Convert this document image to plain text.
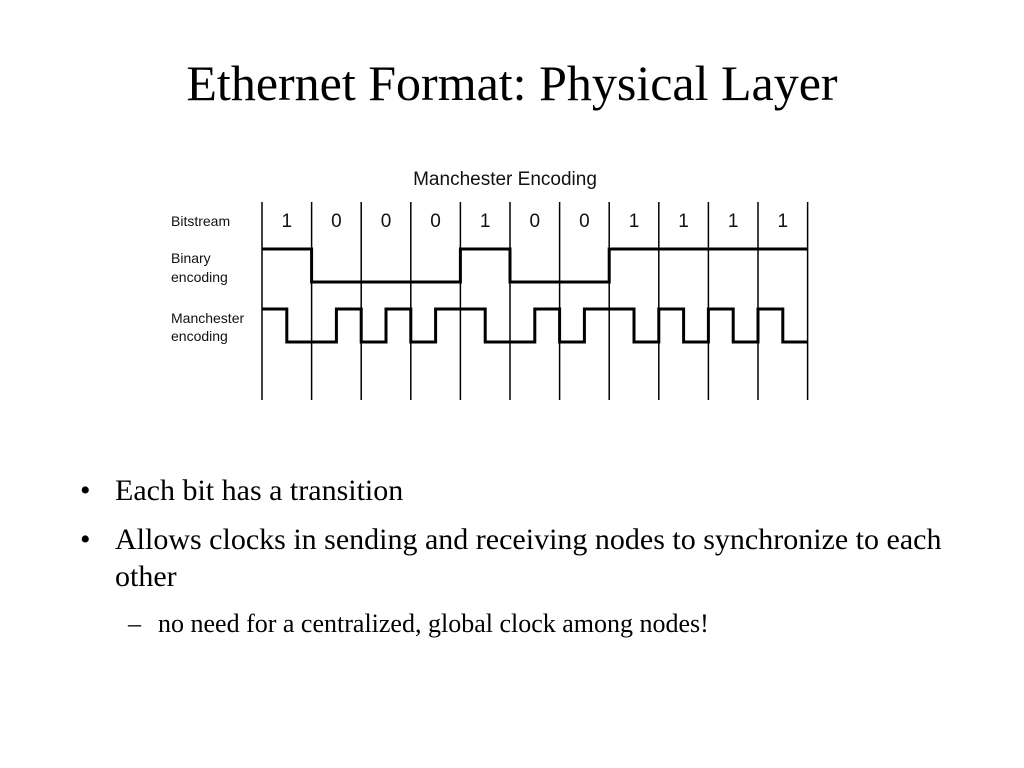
Ethernet Format: Physical Layer
Manchester Encoding
Bitstream
Binary
encoding
Manchester
encoding
1 0 0 0 1 0 0 1 1 1 1
• Each bit has a transition
• Allows clocks in sending and receiving nodes to synchronize to each other
– no need for a centralized, global clock among nodes!
